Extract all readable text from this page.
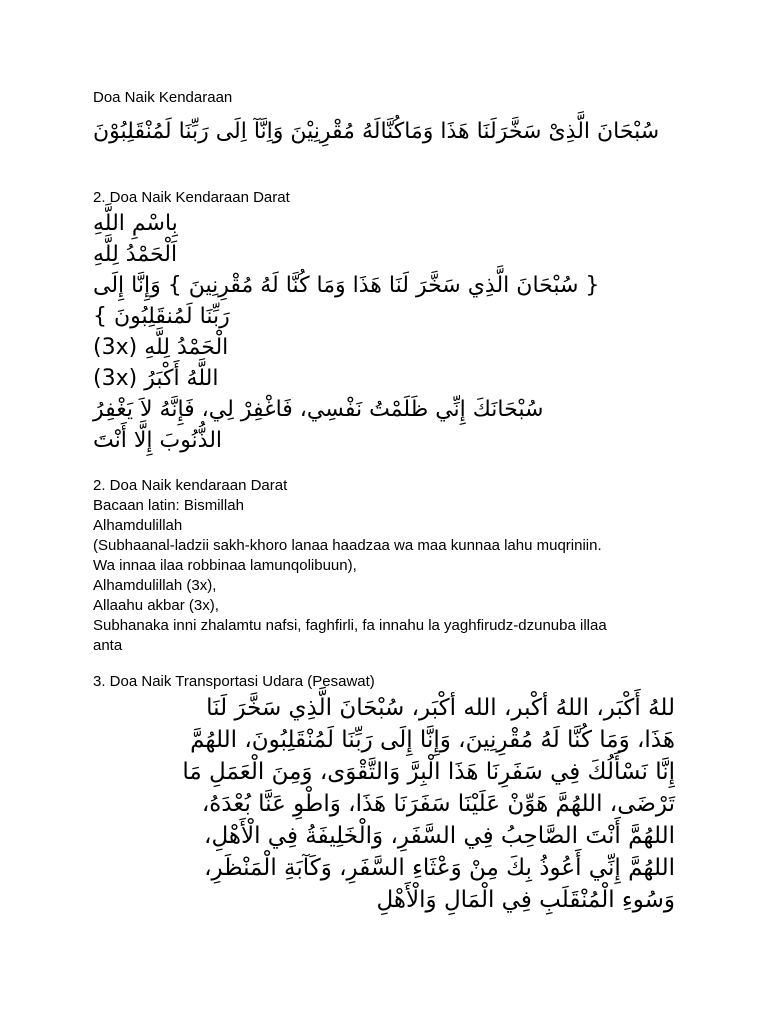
Doa Naik Kendaraan
سُبْحَانَ الَّذِىْ سَخَّرَلَنَا هَذَا وَمَاكُنَّالَهُ مُقْرِنِيْنَ وَاِنَّآ اِلَى رَبِّنَا لَمُنْقَلِبُوْنَ
2. Doa Naik Kendaraan Darat
بِاسْمِ اللَّهِ
اَلْحَمْدُ لِلَّهِ
{ سُبْحَانَ الَّذِي سَخَّرَ لَنَا هَذَا وَمَا كُنَّا لَهُ مُقْرِنِينَ } وَإِنَّا إِلَى
رَبِّنَا لَمُنقَلِبُونَ }
الْحَمْدُ لِلَّهِ (3x)
اللَّهُ أَكْبَرُ (3x)
سُبْحَانَكَ إِنِّي ظَلَمْتُ نَفْسِي، فَاغْفِرْ لِي، فَإِنَّهُ لاَ يَغْفِرُ
الذُّنُوبَ إِلَّا أَنْتَ
2. Doa Naik kendaraan Darat
Bacaan latin: Bismillah
Alhamdulillah
(Subhaanal-ladzii sakh-khoro lanaa haadzaa wa maa kunnaa lahu muqriniin.
Wa innaa ilaa robbinaa lamunqolibuun),
Alhamdulillah (3x),
Allaahu akbar (3x),
Subhanaka inni zhalamtu nafsi, faghfirli, fa innahu la yaghfirudz-dzunuba illaa
anta
3. Doa Naik Transportasi Udara (Pesawat)
للهُ أَكْبَر، اللهُ أكْبر، الله أكْبَر، سُبْحَانَ الَّذِي سَخَّرَ لَنَا
هَذَا، وَمَا كُنَّا لَهُ مُقْرِنِينَ، وَإِنَّا إِلَى رَبِّنَا لَمُنْقَلِبُونَ، اللهُمَّ
إِنَّا نَسْأَلُكَ فِي سَفَرِنَا هَذَا الْبِرَّ وَالتَّقْوَى، وَمِنَ الْعَمَلِ مَا
تَرْضَى، اللهُمَّ هَوِّنْ عَلَيْنَا سَفَرَنَا هَذَا، وَاطْوِ عَنَّا بُعْدَهُ،
اللهُمَّ أَنْتَ الصَّاحِبُ فِي السَّفَرِ، وَالْخَلِيفَةُ فِي الْأَهْلِ،
اللهُمَّ إِنِّي أَعُوذُ بِكَ مِنْ وَعْثَاءِ السَّفَرِ، وَكَآبَةِ الْمَنْظَرِ،
وَسُوءِ الْمُنْقَلَبِ فِي الْمَالِ وَالْأَهْلِ
